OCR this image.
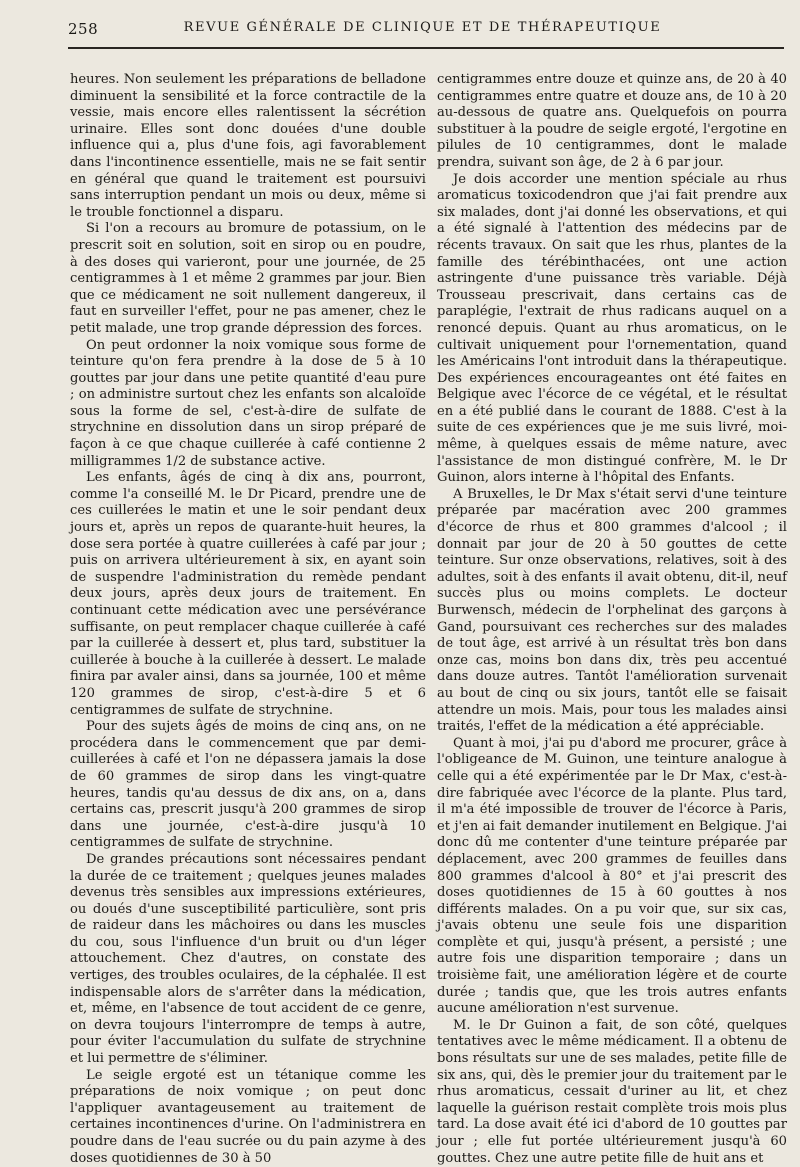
258	REVUE GÉNÉRALE DE CLINIQUE ET DE THÉRAPEUTIQUE

heures. Non seulement les préparations de belladone diminuent la sensibilité et la force contractile de la vessie, mais encore elles ralentissent la sécrétion urinaire. Elles sont donc douées d'une double influence qui a, plus d'une fois, agi favorablement dans l'incontinence essentielle, mais ne se fait sentir en général que quand le traitement est poursuivi sans interruption pendant un mois ou deux, même si le trouble fonctionnel a disparu.

Si l'on a recours au bromure de potassium, on le prescrit soit en solution, soit en sirop ou en poudre, à des doses qui varieront, pour une journée, de 25 centigrammes à 1 et même 2 grammes par jour. Bien que ce médicament ne soit nullement dangereux, il faut en surveiller l'effet, pour ne pas amener, chez le petit malade, une trop grande dépression des forces.

On peut ordonner la noix vomique sous forme de teinture qu'on fera prendre à la dose de 5 à 10 gouttes par jour dans une petite quantité d'eau pure ; on administre surtout chez les enfants son alcaloïde sous la forme de sel, c'est-à-dire de sulfate de strychnine en dissolution dans un sirop préparé de façon à ce que chaque cuillerée à café contienne 2 milligrammes 1/2 de substance active.

Les enfants, âgés de cinq à dix ans, pourront, comme l'a conseillé M. le Dr Picard, prendre une de ces cuillerées le matin et une le soir pendant deux jours et, après un repos de quarante-huit heures, la dose sera portée à quatre cuillerées à café par jour ; puis on arrivera ultérieurement à six, en ayant soin de suspendre l'administration du remède pendant deux jours, après deux jours de traitement. En continuant cette médication avec une persévérance suffisante, on peut remplacer chaque cuillerée à café par la cuillerée à dessert et, plus tard, substituer la cuillerée à bouche à la cuillerée à dessert. Le malade finira par avaler ainsi, dans sa journée, 100 et même 120 grammes de sirop, c'est-à-dire 5 et 6 centigrammes de sulfate de strychnine.

Pour des sujets âgés de moins de cinq ans, on ne procédera dans le commencement que par demi-cuillerées à café et l'on ne dépassera jamais la dose de 60 grammes de sirop dans les vingt-quatre heures, tandis qu'au dessus de dix ans, on a, dans certains cas, prescrit jusqu'à 200 grammes de sirop dans une journée, c'est-à-dire jusqu'à 10 centigrammes de sulfate de strychnine.

De grandes précautions sont nécessaires pendant la durée de ce traitement ; quelques jeunes malades devenus très sensibles aux impressions extérieures, ou doués d'une susceptibilité particulière, sont pris de raideur dans les mâchoires ou dans les muscles du cou, sous l'influence d'un bruit ou d'un léger attouchement. Chez d'autres, on constate des vertiges, des troubles oculaires, de la céphalée. Il est indispensable alors de s'arrêter dans la médication, et, même, en l'absence de tout accident de ce genre, on devra toujours l'interrompre de temps à autre, pour éviter l'accumulation du sulfate de strychnine et lui permettre de s'éliminer.

Le seigle ergoté est un tétanique comme les préparations de noix vomique ; on peut donc l'appliquer avantageusement au traitement de certaines incontinences d'urine. On l'administrera en poudre dans de l'eau sucrée ou du pain azyme à des doses quotidiennes de 30 à 50

centigrammes entre douze et quinze ans, de 20 à 40 centigrammes entre quatre et douze ans, de 10 à 20 au-dessous de quatre ans. Quelquefois on pourra substituer à la poudre de seigle ergoté, l'ergotine en pilules de 10 centigrammes, dont le malade prendra, suivant son âge, de 2 à 6 par jour.

Je dois accorder une mention spéciale au rhus aromaticus toxicodendron que j'ai fait prendre aux six malades, dont j'ai donné les observations, et qui a été signalé à l'attention des médecins par de récents travaux. On sait que les rhus, plantes de la famille des térébinthacées, ont une action astringente d'une puissance très variable. Déjà Trousseau prescrivait, dans certains cas de paraplégie, l'extrait de rhus radicans auquel on a renoncé depuis. Quant au rhus aromaticus, on le cultivait uniquement pour l'ornementation, quand les Américains l'ont introduit dans la thérapeutique. Des expériences encourageantes ont été faites en Belgique avec l'écorce de ce végétal, et le résultat en a été publié dans le courant de 1888. C'est à la suite de ces expériences que je me suis livré, moi-même, à quelques essais de même nature, avec l'assistance de mon distingué confrère, M. le Dr Guinon, alors interne à l'hôpital des Enfants.

A Bruxelles, le Dr Max s'était servi d'une teinture préparée par macération avec 200 grammes d'écorce de rhus et 800 grammes d'alcool ; il donnait par jour de 20 à 50 gouttes de cette teinture. Sur onze observations, relatives, soit à des adultes, soit à des enfants il avait obtenu, dit-il, neuf succès plus ou moins complets. Le docteur Burwensch, médecin de l'orphelinat des garçons à Gand, poursuivant ces recherches sur des malades de tout âge, est arrivé à un résultat très bon dans onze cas, moins bon dans dix, très peu accentué dans douze autres. Tantôt l'amélioration survenait au bout de cinq ou six jours, tantôt elle se faisait attendre un mois. Mais, pour tous les malades ainsi traités, l'effet de la médication a été appréciable.

Quant à moi, j'ai pu d'abord me procurer, grâce à l'obligeance de M. Guinon, une teinture analogue à celle qui a été expérimentée par le Dr Max, c'est-à-dire fabriquée avec l'écorce de la plante. Plus tard, il m'a été impossible de trouver de l'écorce à Paris, et j'en ai fait demander inutilement en Belgique. J'ai donc dû me contenter d'une teinture préparée par déplacement, avec 200 grammes de feuilles dans 800 grammes d'alcool à 80° et j'ai prescrit des doses quotidiennes de 15 à 60 gouttes à nos différents malades. On a pu voir que, sur six cas, j'avais obtenu une seule fois une disparition complète et qui, jusqu'à présent, a persisté ; une autre fois une disparition temporaire ; dans un troisième fait, une amélioration légère et de courte durée ; tandis que, que les trois autres enfants aucune amélioration n'est survenue.

M. le Dr Guinon a fait, de son côté, quelques tentatives avec le même médicament. Il a obtenu de bons résultats sur une de ses malades, petite fille de six ans, qui, dès le premier jour du traitement par le rhus aromaticus, cessait d'uriner au lit, et chez laquelle la guérison restait complète trois mois plus tard. La dose avait été ici d'abord de 10 gouttes par jour ; elle fut portée ultérieurement jusqu'à 60 gouttes. Chez une autre petite fille de huit ans et
